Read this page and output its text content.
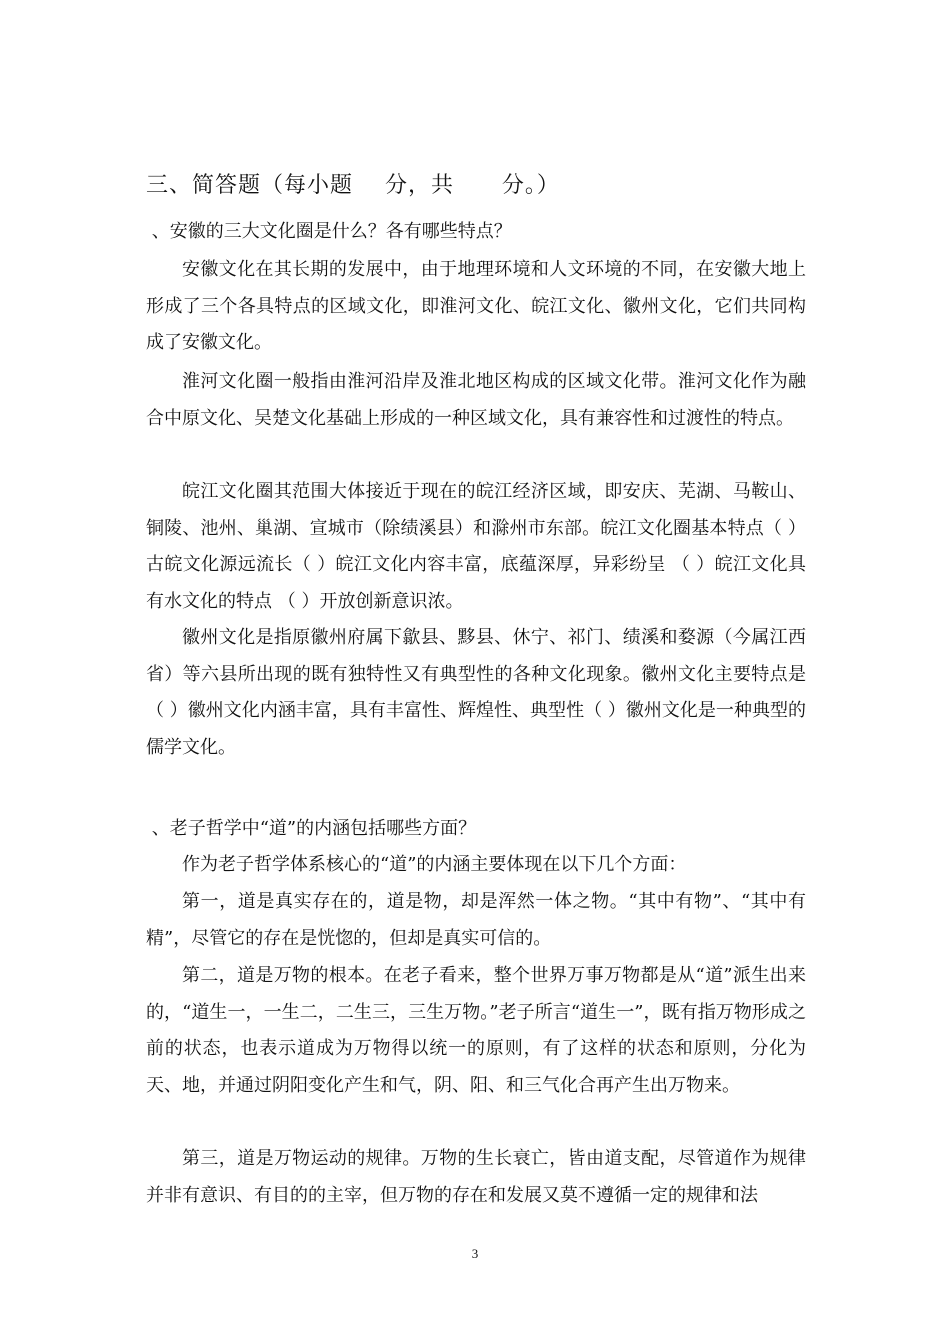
三、简答题（每小题    分，共      分。）
、安徽的三大文化圈是什么？各有哪些特点？
安徽文化在其长期的发展中，由于地理环境和人文环境的不同，在安徽大地上形成了三个各具特点的区域文化，即淮河文化、皖江文化、徽州文化，它们共同构成了安徽文化。
淮河文化圈一般指由淮河沿岸及淮北地区构成的区域文化带。淮河文化作为融合中原文化、吴楚文化基础上形成的一种区域文化，具有兼容性和过渡性的特点。
皖江文化圈其范围大体接近于现在的皖江经济区域，即安庆、芜湖、马鞍山、铜陵、池州、巢湖、宣城市（除绩溪县）和滁州市东部。皖江文化圈基本特点（ ）古皖文化源远流长（ ）皖江文化内容丰富，底蕴深厚，异彩纷呈 （ ）皖江文化具有水文化的特点 （ ）开放创新意识浓。
徽州文化是指原徽州府属下歙县、黟县、休宁、祁门、绩溪和婺源（今属江西省）等六县所出现的既有独特性又有典型性的各种文化现象。徽州文化主要特点是（ ）徽州文化内涵丰富，具有丰富性、辉煌性、典型性（ ）徽州文化是一种典型的儒学文化。
、老子哲学中“道”的内涵包括哪些方面？
作为老子哲学体系核心的“道”的内涵主要体现在以下几个方面：
第一，道是真实存在的，道是物，却是浑然一体之物。“其中有物”、“其中有精”，尽管它的存在是恍惚的，但却是真实可信的。
第二，道是万物的根本。在老子看来，整个世界万事万物都是从“道”派生出来的，“道生一，一生二，二生三，三生万物。”老子所言“道生一”，既有指万物形成之前的状态，也表示道成为万物得以统一的原则，有了这样的状态和原则，分化为天、地，并通过阴阳变化产生和气，阴、阳、和三气化合再产生出万物来。
第三，道是万物运动的规律。万物的生长衰亡，皆由道支配，尽管道作为规律并非有意识、有目的的主宰，但万物的存在和发展又莫不遵循一定的规律和法
3
